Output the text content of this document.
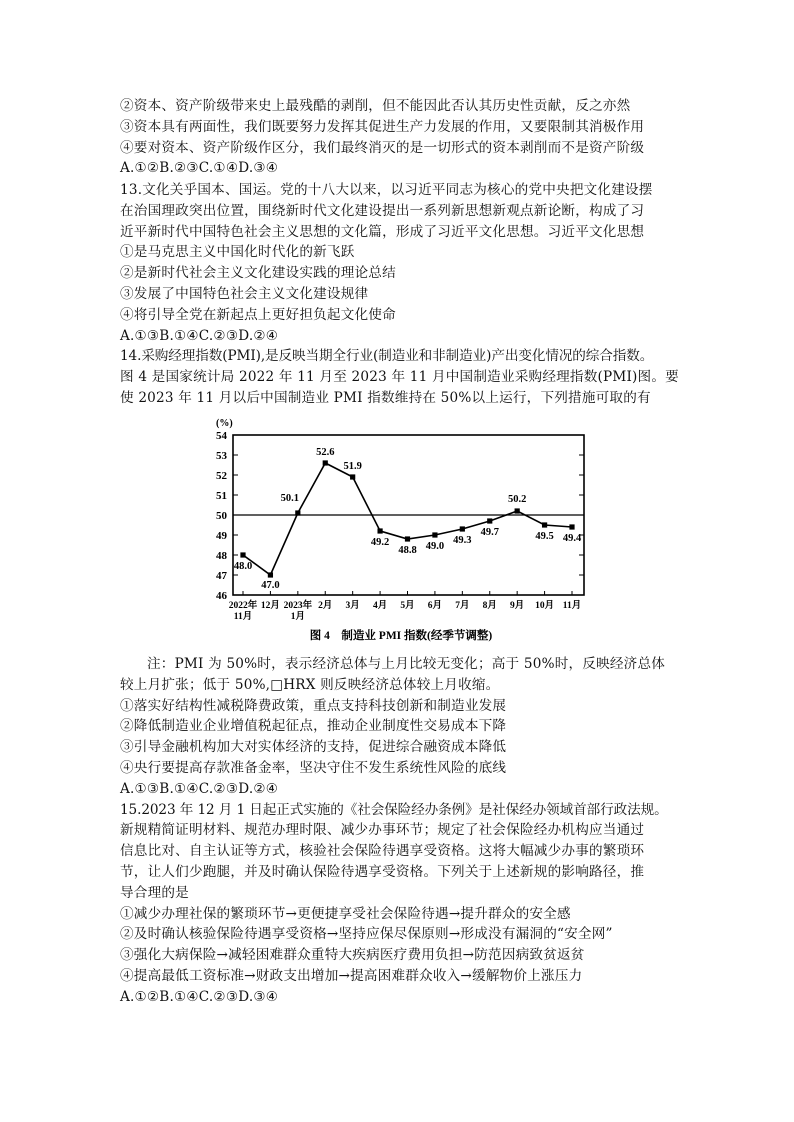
②资本、资产阶级带来史上最残酷的剥削，但不能因此否认其历史性贡献，反之亦然

③资本具有两面性，我们既要努力发挥其促进生产力发展的作用，又要限制其消极作用

④要对资本、资产阶级作区分，我们最终消灭的是一切形式的资本剥削而不是资产阶级

A.①②B.②③C.①④D.③④

13.文化关乎国本、国运。党的十八大以来，以习近平同志为核心的党中央把文化建设摆

在治国理政突出位置，围绕新时代文化建设提出一系列新思想新观点新论断，构成了习

近平新时代中国特色社会主义思想的文化篇，形成了习近平文化思想。习近平文化思想

①是马克思主义中国化时代化的新飞跃

②是新时代社会主义文化建设实践的理论总结

③发展了中国特色社会主义文化建设规律

④将引导全党在新起点上更好担负起文化使命

A.①③B.①④C.②③D.②④

14.采购经理指数(PMI),是反映当期全行业(制造业和非制造业)产出变化情况的综合指数。

图 4 是国家统计局 2022 年 11 月至 2023 年 11 月中国制造业采购经理指数(PMI)图。要

使 2023 年 11 月以后中国制造业 PMI 指数维持在 50%以上运行，下列措施可取的有

(%)
46
47
48
49
50
51
52
53
54
48.0
2022年
11月
47.0
12月
50.1
2023年
1月
52.6
2月
51.9
3月
49.2
4月
48.8
5月
49.0
6月
49.3
7月
49.7
8月
50.2
9月
49.5
10月
49.4
11月
图 4　制造业 PMI 指数(经季节调整)

注：PMI 为 50%时，表示经济总体与上月比较无变化；高于 50%时，反映经济总体

较上月扩张；低于 50%,□HRX 则反映经济总体较上月收缩。

①落实好结构性减税降费政策，重点支持科技创新和制造业发展

②降低制造业企业增值税起征点，推动企业制度性交易成本下降

③引导金融机构加大对实体经济的支持，促进综合融资成本降低

④央行要提高存款准备金率，坚决守住不发生系统性风险的底线

A.①③B.①④C.②③D.②④

15.2023 年 12 月 1 日起正式实施的《社会保险经办条例》是社保经办领域首部行政法规。

新规精简证明材料、规范办理时限、减少办事环节；规定了社会保险经办机构应当通过

信息比对、自主认证等方式，核验社会保险待遇享受资格。这将大幅减少办事的繁琐环

节，让人们少跑腿，并及时确认保险待遇享受资格。下列关于上述新规的影响路径，推

导合理的是

①减少办理社保的繁琐环节→更便捷享受社会保险待遇→提升群众的安全感

②及时确认核验保险待遇享受资格→坚持应保尽保原则→形成没有漏洞的“安全网”

③强化大病保险→减轻困难群众重特大疾病医疗费用负担→防范因病致贫返贫

④提高最低工资标准→财政支出增加→提高困难群众收入→缓解物价上涨压力

A.①②B.①④C.②③D.③④
